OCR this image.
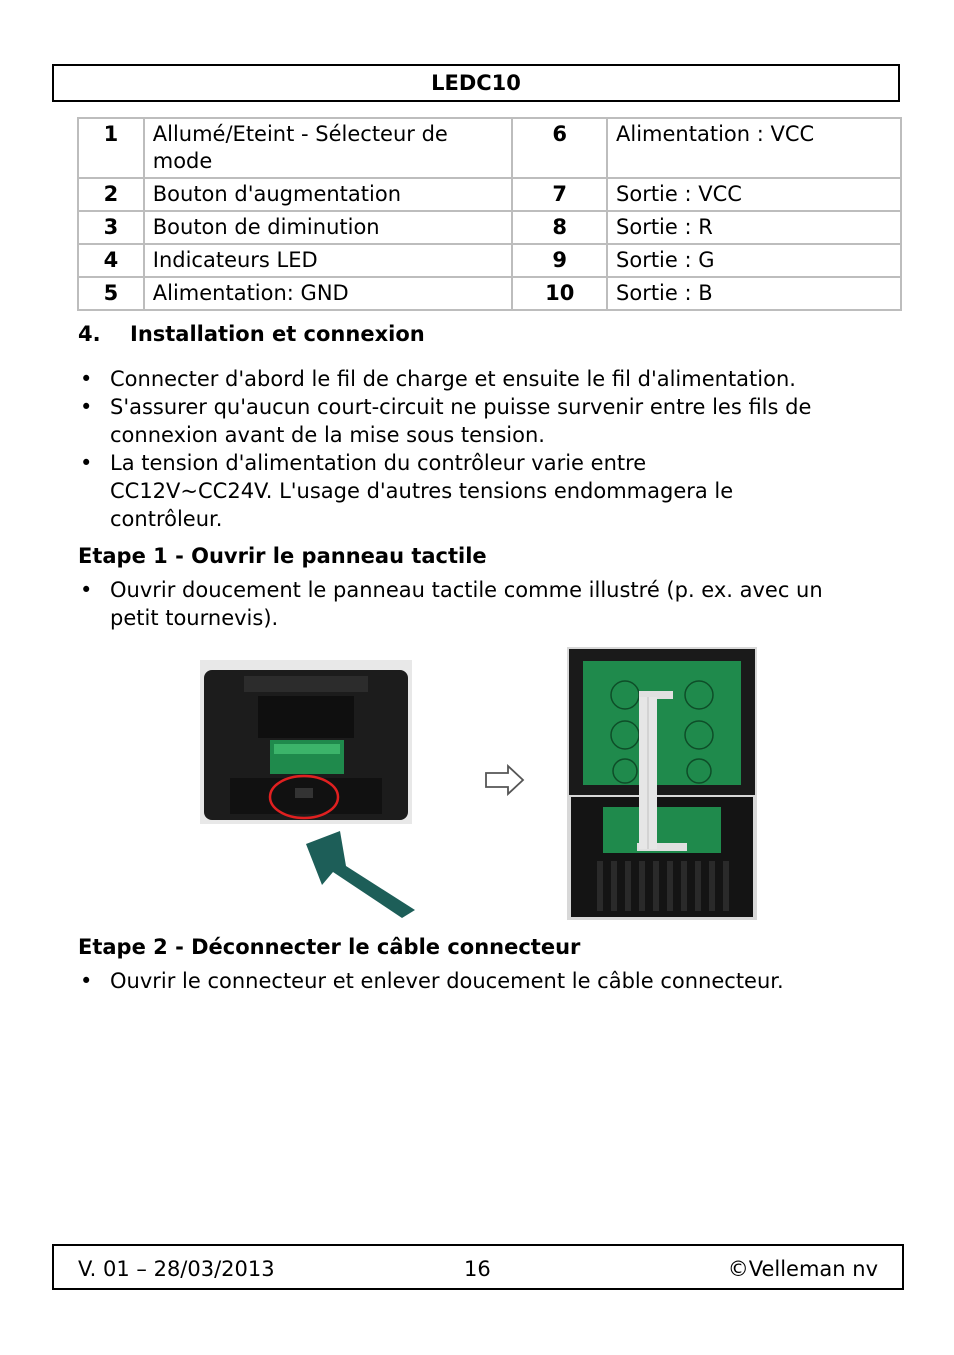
LEDC10
1	Allumé/Eteint - Sélecteur de mode	6	Alimentation : VCC
2	Bouton d'augmentation	7	Sortie : VCC
3	Bouton de diminution	8	Sortie : R
4	Indicateurs LED	9	Sortie : G
5	Alimentation: GND	10	Sortie : B
4. Installation et connexion
• Connecter d'abord le fil de charge et ensuite le fil d'alimentation.
• S'assurer qu'aucun court-circuit ne puisse survenir entre les fils de connexion avant de la mise sous tension.
• La tension d'alimentation du contrôleur varie entre CC12V~CC24V. L'usage d'autres tensions endommagera le contrôleur.
Etape 1 - Ouvrir le panneau tactile
• Ouvrir doucement le panneau tactile comme illustré (p. ex. avec un petit tournevis).
Etape 2 - Déconnecter le câble connecteur
• Ouvrir le connecteur et enlever doucement le câble connecteur.
V. 01 – 28/03/2013	16	©Velleman nv
